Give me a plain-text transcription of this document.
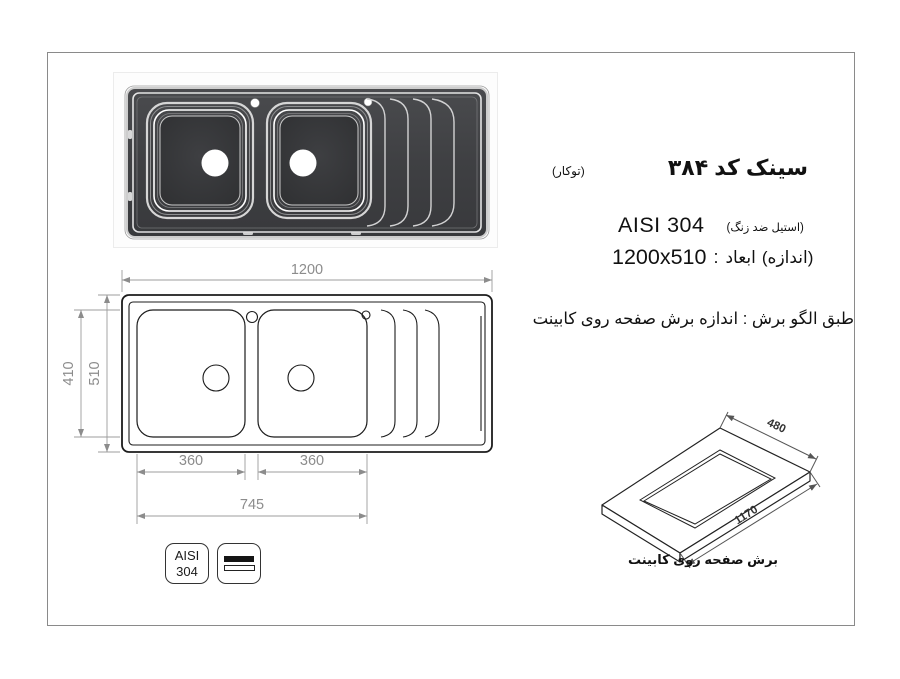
1200
510
410
360	360
745
(توکار)	سینک کد ۳۸۴
AISI 304 (استیل ضد زنگ)
1200x510 : ابعاد (اندازه)
طبق الگو برش : اندازه برش صفحه روی کابینت
480
1170
برش صفحه روی کابینت
AISI
304
